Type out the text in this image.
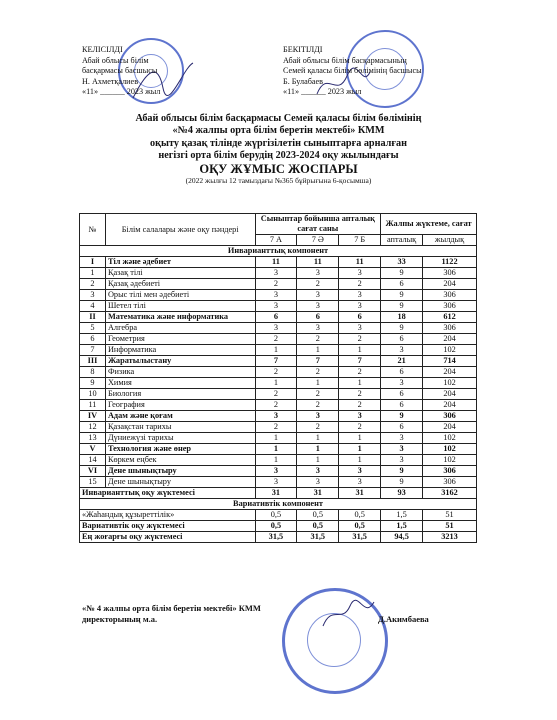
КЕЛІСІЛДІ
Абай облысы білім
басқармасы басшысы
Н. Ахметқалиев
«11» ______ 2023 жыл
БЕКІТІЛДІ
Абай облысы білім басқармасының
Семей қаласы білім бөлімінің басшысы
Б. Булабаев
«11» ______ 2023 жыл
Абай облысы білім басқармасы Семей қаласы білім бөлімінің
«№4 жалпы орта білім беретін мектебі» КММ
оқыту қазақ тілінде жүргізілетін сыныптарға арналған
негізгі орта білім берудің 2023-2024 оқу жылындағы
ОҚУ ЖҰМЫС ЖОСПАРЫ
(2022 жылғы 12 тамыздағы №365 бұйрығына 6-қосымша)
№	Білім салалары және оқу пәндері	Сыныптар бойынша апталық сағат саны			Жалпы жүктеме, сағат	
		7 А	7 Ә	7 Б	апталық	жылдық
Инварианттық компонент						
I	Тіл және әдебиет	11	11	11	33	1122
1	Қазақ тілі	3	3	3	9	306
2	Қазақ әдебиеті	2	2	2	6	204
3	Орыс тілі мен әдебиеті	3	3	3	9	306
4	Шетел тілі	3	3	3	9	306
II	Математика және информатика	6	6	6	18	612
5	Алгебра	3	3	3	9	306
6	Геометрия	2	2	2	6	204
7	Информатика	1	1	1	3	102
III	Жаратылыстану	7	7	7	21	714
8	Физика	2	2	2	6	204
9	Химия	1	1	1	3	102
10	Биология	2	2	2	6	204
11	География	2	2	2	6	204
IV	Адам және қоғам	3	3	3	9	306
12	Қазақстан тарихы	2	2	2	6	204
13	Дүниежүзі тарихы	1	1	1	3	102
V	Технология және өнер	1	1	1	3	102
14	Көркем еңбек	1	1	1	3	102
VI	Дене шынықтыру	3	3	3	9	306
15	Дене шынықтыру	3	3	3	9	306
Инварианттық оқу жүктемесі		31	31	31	93	3162
Вариативтік компонент						
«Жаһандық құзыреттілік»		0,5	0,5	0,5	1,5	51
Вариативтік оқу жүктемесі		0,5	0,5	0,5	1,5	51
Ең жоғарғы оқу жүктемесі		31,5	31,5	31,5	94,5	3213
«№ 4 жалпы орта білім беретін мектебі» КММ
директорының м.а.	Д.Акимбаева
